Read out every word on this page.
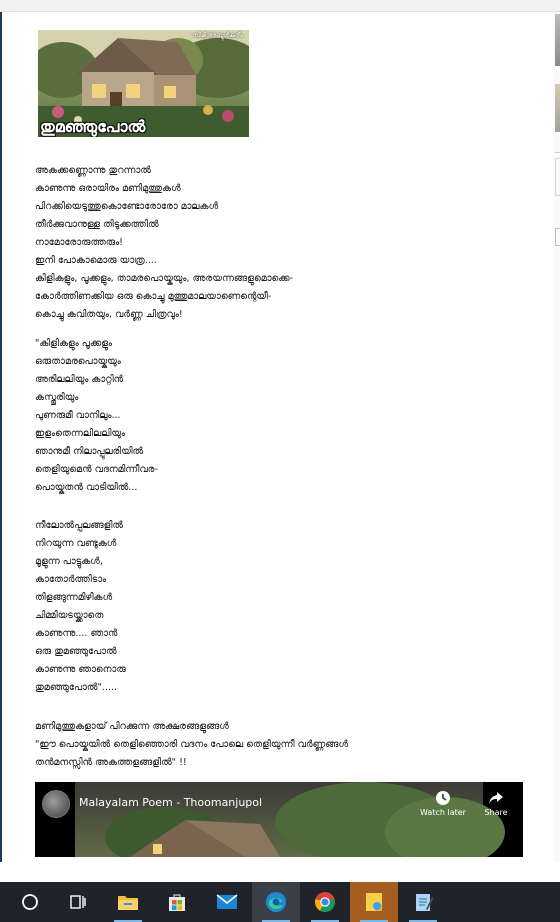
സിമി അബ്ദുൾകരീം
തുമഞ്ഞുപോൽ
അകക്കണ്ണൊന്നു തുറന്നാൽ
കാണുന്നു ഒരായിരം മണിമുത്തുകൾ
പിറക്കിയെടുത്തുകൊണ്ടോരോരോ മാലകൾ
തീർക്കുവാനുള്ള തിടുക്കത്തിൽ
നാമോരോരുത്തരും!
ഇനി പോകാമൊരു യാത്ര....
കിളികളും, പൂക്കളും, താമരപൊയ്കയും, അരയന്നങ്ങളുമൊക്കെ-
കോർത്തിണക്കിയ ഒരു കൊച്ചു മുത്തുമാലയാണെന്റെയീ-
കൊച്ചു കവിതയും, വർണ്ണ ചിത്രവും!
"കിളികളും പൂക്കളും
ഒരുതാമരപൊയ്കയും
അരിലലിയും കാറ്റിൻ
കസ്തൂരിയും
പുണരുമീ വാനിലും...
ഇളംതെന്നലിലലിയും
ഞാനുമീ നിലാപ്പുലരിയിൽ
തെളിയുമെൻ വദനമിന്നീവര-
പൊയ്കതൻ വാടിയിൽ...
നീലോൽപ്പലങ്ങളിൽ
നിറയുന്ന വണ്ടുകൾ
മൂളുന്ന പാട്ടുകൾ,
കാതോർത്തിടാം
തിളങ്ങുന്നമിഴികൾ
ചിമ്മിയടയ്ക്കാതെ
കാണുന്നു.... ഞാൻ
ഒരു തുമഞ്ഞുപോൽ
കാണുന്നു ഞാനൊരു
തുമഞ്ഞുപോൽ".....
മണിമുത്തുകളായ് പിറക്കുന്ന അക്ഷരങ്ങളുങ്ങൾ
"ഈ പൊയ്കയിൽ തെളിഞ്ഞൊരി വദനം പോലെ തെളിയുന്നീ വർണ്ണങ്ങൾ
തൻമനസ്സിൻ അകത്തളങ്ങളിൽ" !!
Malayalam Poem - Thoomanjupol
Watch later	Share
